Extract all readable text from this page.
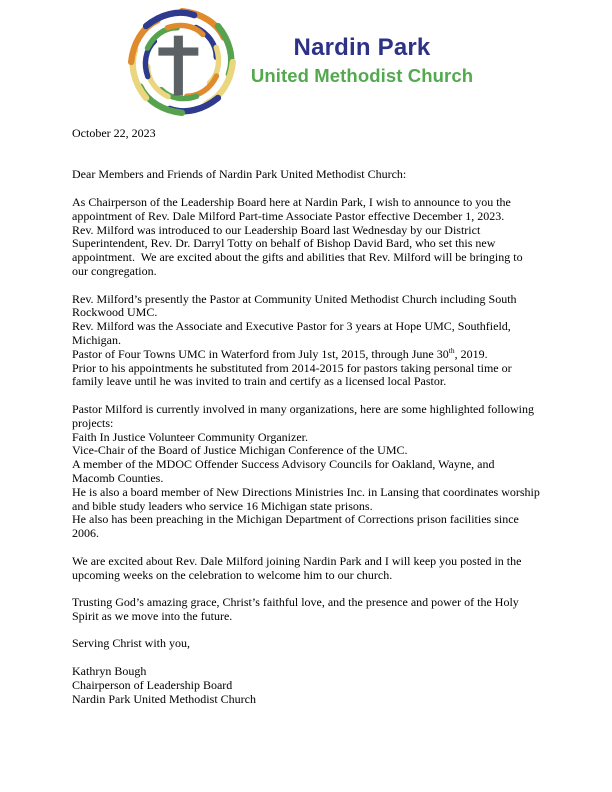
Nardin Park
United Methodist Church

October 22, 2023

Dear Members and Friends of Nardin Park United Methodist Church:

As Chairperson of the Leadership Board here at Nardin Park, I wish to announce to you the
appointment of Rev. Dale Milford Part-time Associate Pastor effective December 1, 2023.
Rev. Milford was introduced to our Leadership Board last Wednesday by our District
Superintendent, Rev. Dr. Darryl Totty on behalf of Bishop David Bard, who set this new
appointment.  We are excited about the gifts and abilities that Rev. Milford will be bringing to
our congregation.

Rev. Milford’s presently the Pastor at Community United Methodist Church including South
Rockwood UMC.
Rev. Milford was the Associate and Executive Pastor for 3 years at Hope UMC, Southfield,
Michigan.
Pastor of Four Towns UMC in Waterford from July 1st, 2015, through June 30th, 2019.
Prior to his appointments he substituted from 2014-2015 for pastors taking personal time or
family leave until he was invited to train and certify as a licensed local Pastor.

Pastor Milford is currently involved in many organizations, here are some highlighted following
projects:
Faith In Justice Volunteer Community Organizer.
Vice-Chair of the Board of Justice Michigan Conference of the UMC.
A member of the MDOC Offender Success Advisory Councils for Oakland, Wayne, and
Macomb Counties.
He is also a board member of New Directions Ministries Inc. in Lansing that coordinates worship
and bible study leaders who service 16 Michigan state prisons.
He also has been preaching in the Michigan Department of Corrections prison facilities since
2006.

We are excited about Rev. Dale Milford joining Nardin Park and I will keep you posted in the
upcoming weeks on the celebration to welcome him to our church.

Trusting God’s amazing grace, Christ’s faithful love, and the presence and power of the Holy
Spirit as we move into the future.

Serving Christ with you,

Kathryn Bough

Chairperson of Leadership Board

Nardin Park United Methodist Church
